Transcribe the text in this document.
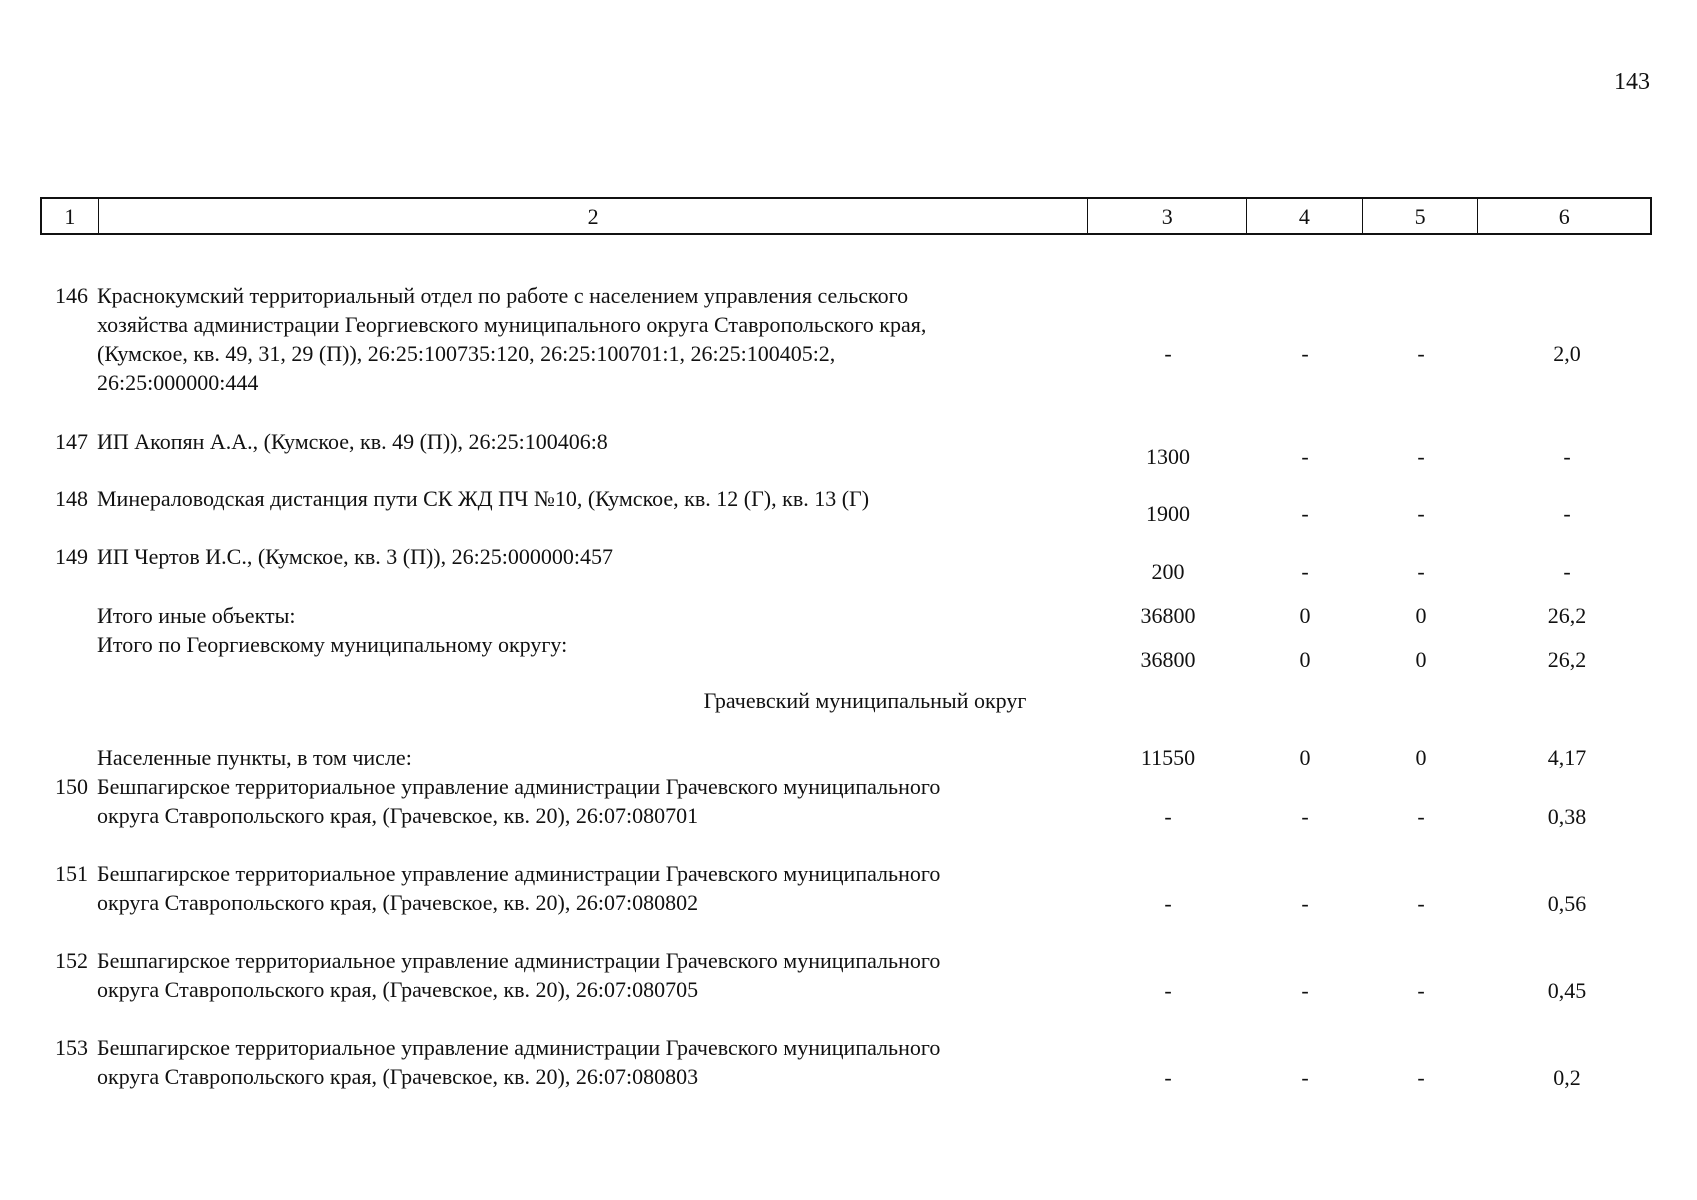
143
1	2	3	4	5	6
146 Краснокумский территориальный отдел по работе с населением управления сельского
хозяйства администрации Георгиевского муниципального округа Ставропольского края,
(Кумское, кв. 49, 31, 29 (П)), 26:25:100735:120, 26:25:100701:1, 26:25:100405:2,
26:25:000000:444
-	-	-	2,0
147 ИП Акопян А.А., (Кумское, кв. 49 (П)), 26:25:100406:8
1300	-	-	-
148 Минераловодская дистанция пути СК ЖД ПЧ №10, (Кумское, кв. 12 (Г), кв. 13 (Г)
1900	-	-	-
149 ИП Чертов И.С., (Кумское, кв. 3 (П)), 26:25:000000:457
200	-	-	-
Итого иные объекты:	36800	0	0	26,2
Итого по Георгиевскому муниципальному округу:
36800	0	0	26,2
Грачевский муниципальный округ
Населенные пункты, в том числе:	11550	0	0	4,17
150 Бешпагирское территориальное управление администрации Грачевского муниципального
округа Ставропольского края, (Грачевское, кв. 20), 26:07:080701	-	-	-	0,38
151 Бешпагирское территориальное управление администрации Грачевского муниципального
округа Ставропольского края, (Грачевское, кв. 20), 26:07:080802	-	-	-	0,56
152 Бешпагирское территориальное управление администрации Грачевского муниципального
округа Ставропольского края, (Грачевское, кв. 20), 26:07:080705	-	-	-	0,45
153 Бешпагирское территориальное управление администрации Грачевского муниципального
округа Ставропольского края, (Грачевское, кв. 20), 26:07:080803	-	-	-	0,2
